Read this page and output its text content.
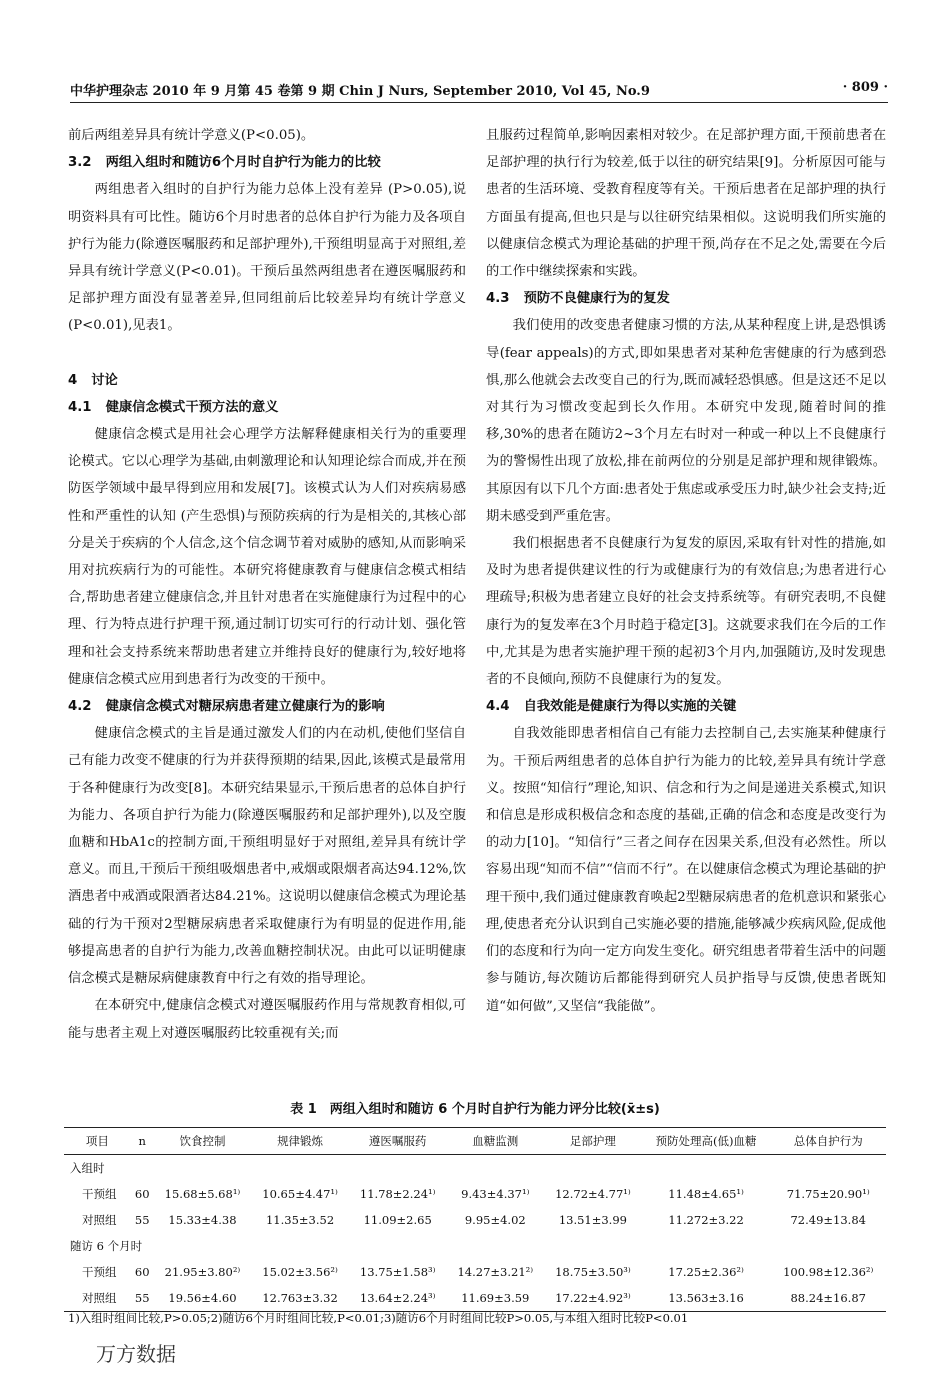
中华护理杂志 2010 年 9 月第 45 卷第 9 期 Chin J Nurs, September 2010, Vol 45, No.9	· 809 ·

前后两组差异具有统计学意义(P<0.05)。

3.2 两组入组时和随访6个月时自护行为能力的比较

两组患者入组时的自护行为能力总体上没有差异 (P>0.05),说明资料具有可比性。随访6个月时患者的总体自护行为能力及各项自护行为能力(除遵医嘱服药和足部护理外),干预组明显高于对照组,差异具有统计学意义(P<0.01)。干预后虽然两组患者在遵医嘱服药和足部护理方面没有显著差异,但同组前后比较差异均有统计学意义(P<0.01),见表1。

4 讨论
4.1 健康信念模式干预方法的意义

健康信念模式是用社会心理学方法解释健康相关行为的重要理论模式。它以心理学为基础,由刺激理论和认知理论综合而成,并在预防医学领域中最早得到应用和发展[7]。该模式认为人们对疾病易感性和严重性的认知 (产生恐惧)与预防疾病的行为是相关的,其核心部分是关于疾病的个人信念,这个信念调节着对威胁的感知,从而影响采用对抗疾病行为的可能性。本研究将健康教育与健康信念模式相结合,帮助患者建立健康信念,并且针对患者在实施健康行为过程中的心理、行为特点进行护理干预,通过制订切实可行的行动计划、强化管理和社会支持系统来帮助患者建立并维持良好的健康行为,较好地将健康信念模式应用到患者行为改变的干预中。

4.2 健康信念模式对糖尿病患者建立健康行为的影响

健康信念模式的主旨是通过激发人们的内在动机,使他们坚信自己有能力改变不健康的行为并获得预期的结果,因此,该模式是最常用于各种健康行为改变[8]。本研究结果显示,干预后患者的总体自护行为能力、各项自护行为能力(除遵医嘱服药和足部护理外),以及空腹血糖和HbA1c的控制方面,干预组明显好于对照组,差异具有统计学意义。而且,干预后干预组吸烟患者中,戒烟或限烟者高达94.12%,饮酒患者中戒酒或限酒者达84.21%。这说明以健康信念模式为理论基础的行为干预对2型糖尿病患者采取健康行为有明显的促进作用,能够提高患者的自护行为能力,改善血糖控制状况。由此可以证明健康信念模式是糖尿病健康教育中行之有效的指导理论。

在本研究中,健康信念模式对遵医嘱服药作用与常规教育相似,可能与患者主观上对遵医嘱服药比较重视有关;而

且服药过程简单,影响因素相对较少。在足部护理方面,干预前患者在足部护理的执行行为较差,低于以往的研究结果[9]。分析原因可能与患者的生活环境、受教育程度等有关。干预后患者在足部护理的执行方面虽有提高,但也只是与以往研究结果相似。这说明我们所实施的以健康信念模式为理论基础的护理干预,尚存在不足之处,需要在今后的工作中继续探索和实践。

4.3 预防不良健康行为的复发

我们使用的改变患者健康习惯的方法,从某种程度上讲,是恐惧诱导(fear appeals)的方式,即如果患者对某种危害健康的行为感到恐惧,那么他就会去改变自己的行为,既而减轻恐惧感。但是这还不足以对其行为习惯改变起到长久作用。本研究中发现,随着时间的推移,30%的患者在随访2~3个月左右时对一种或一种以上不良健康行为的警惕性出现了放松,排在前两位的分别是足部护理和规律锻炼。其原因有以下几个方面:患者处于焦虑或承受压力时,缺少社会支持;近期未感受到严重危害。

我们根据患者不良健康行为复发的原因,采取有针对性的措施,如及时为患者提供建议性的行为或健康行为的有效信息;为患者进行心理疏导;积极为患者建立良好的社会支持系统等。有研究表明,不良健康行为的复发率在3个月时趋于稳定[3]。这就要求我们在今后的工作中,尤其是为患者实施护理干预的起初3个月内,加强随访,及时发现患者的不良倾向,预防不良健康行为的复发。

4.4 自我效能是健康行为得以实施的关键

自我效能即患者相信自己有能力去控制自己,去实施某种健康行为。干预后两组患者的总体自护行为能力的比较,差异具有统计学意义。按照“知信行”理论,知识、信念和行为之间是递进关系模式,知识和信息是形成积极信念和态度的基础,正确的信念和态度是改变行为的动力[10]。“知信行”三者之间存在因果关系,但没有必然性。所以容易出现“知而不信”“信而不行”。在以健康信念模式为理论基础的护理干预中,我们通过健康教育唤起2型糖尿病患者的危机意识和紧张心理,使患者充分认识到自己实施必要的措施,能够减少疾病风险,促成他们的态度和行为向一定方向发生变化。研究组患者带着生活中的问题参与随访,每次随访后都能得到研究人员护指导与反馈,使患者既知道“如何做”,又坚信“我能做”。

表 1　两组入组时和随访 6 个月时自护行为能力评分比较(x̄±s)
项目	n	饮食控制	规律锻炼	遵医嘱服药	血糖监测	足部护理	预防处理高(低)血糖	总体自护行为
入组时								
干预组	60	15.68±5.68¹⁾	10.65±4.47¹⁾	11.78±2.24¹⁾	9.43±4.37¹⁾	12.72±4.77¹⁾	11.48±4.65¹⁾	71.75±20.90¹⁾
对照组	55	15.33±4.38	11.35±3.52	11.09±2.65	9.95±4.02	13.51±3.99	11.272±3.22	72.49±13.84
随访 6 个月时								
干预组	60	21.95±3.80²⁾	15.02±3.56²⁾	13.75±1.58³⁾	14.27±3.21²⁾	18.75±3.50³⁾	17.25±2.36²⁾	100.98±12.36²⁾
对照组	55	19.56±4.60	12.763±3.32	13.64±2.24³⁾	11.69±3.59	17.22±4.92³⁾	13.563±3.16	88.24±16.87
1)入组时组间比较,P>0.05;2)随访6个月时组间比较,P<0.01;3)随访6个月时组间比较P>0.05,与本组入组时比较P<0.01
万方数据
